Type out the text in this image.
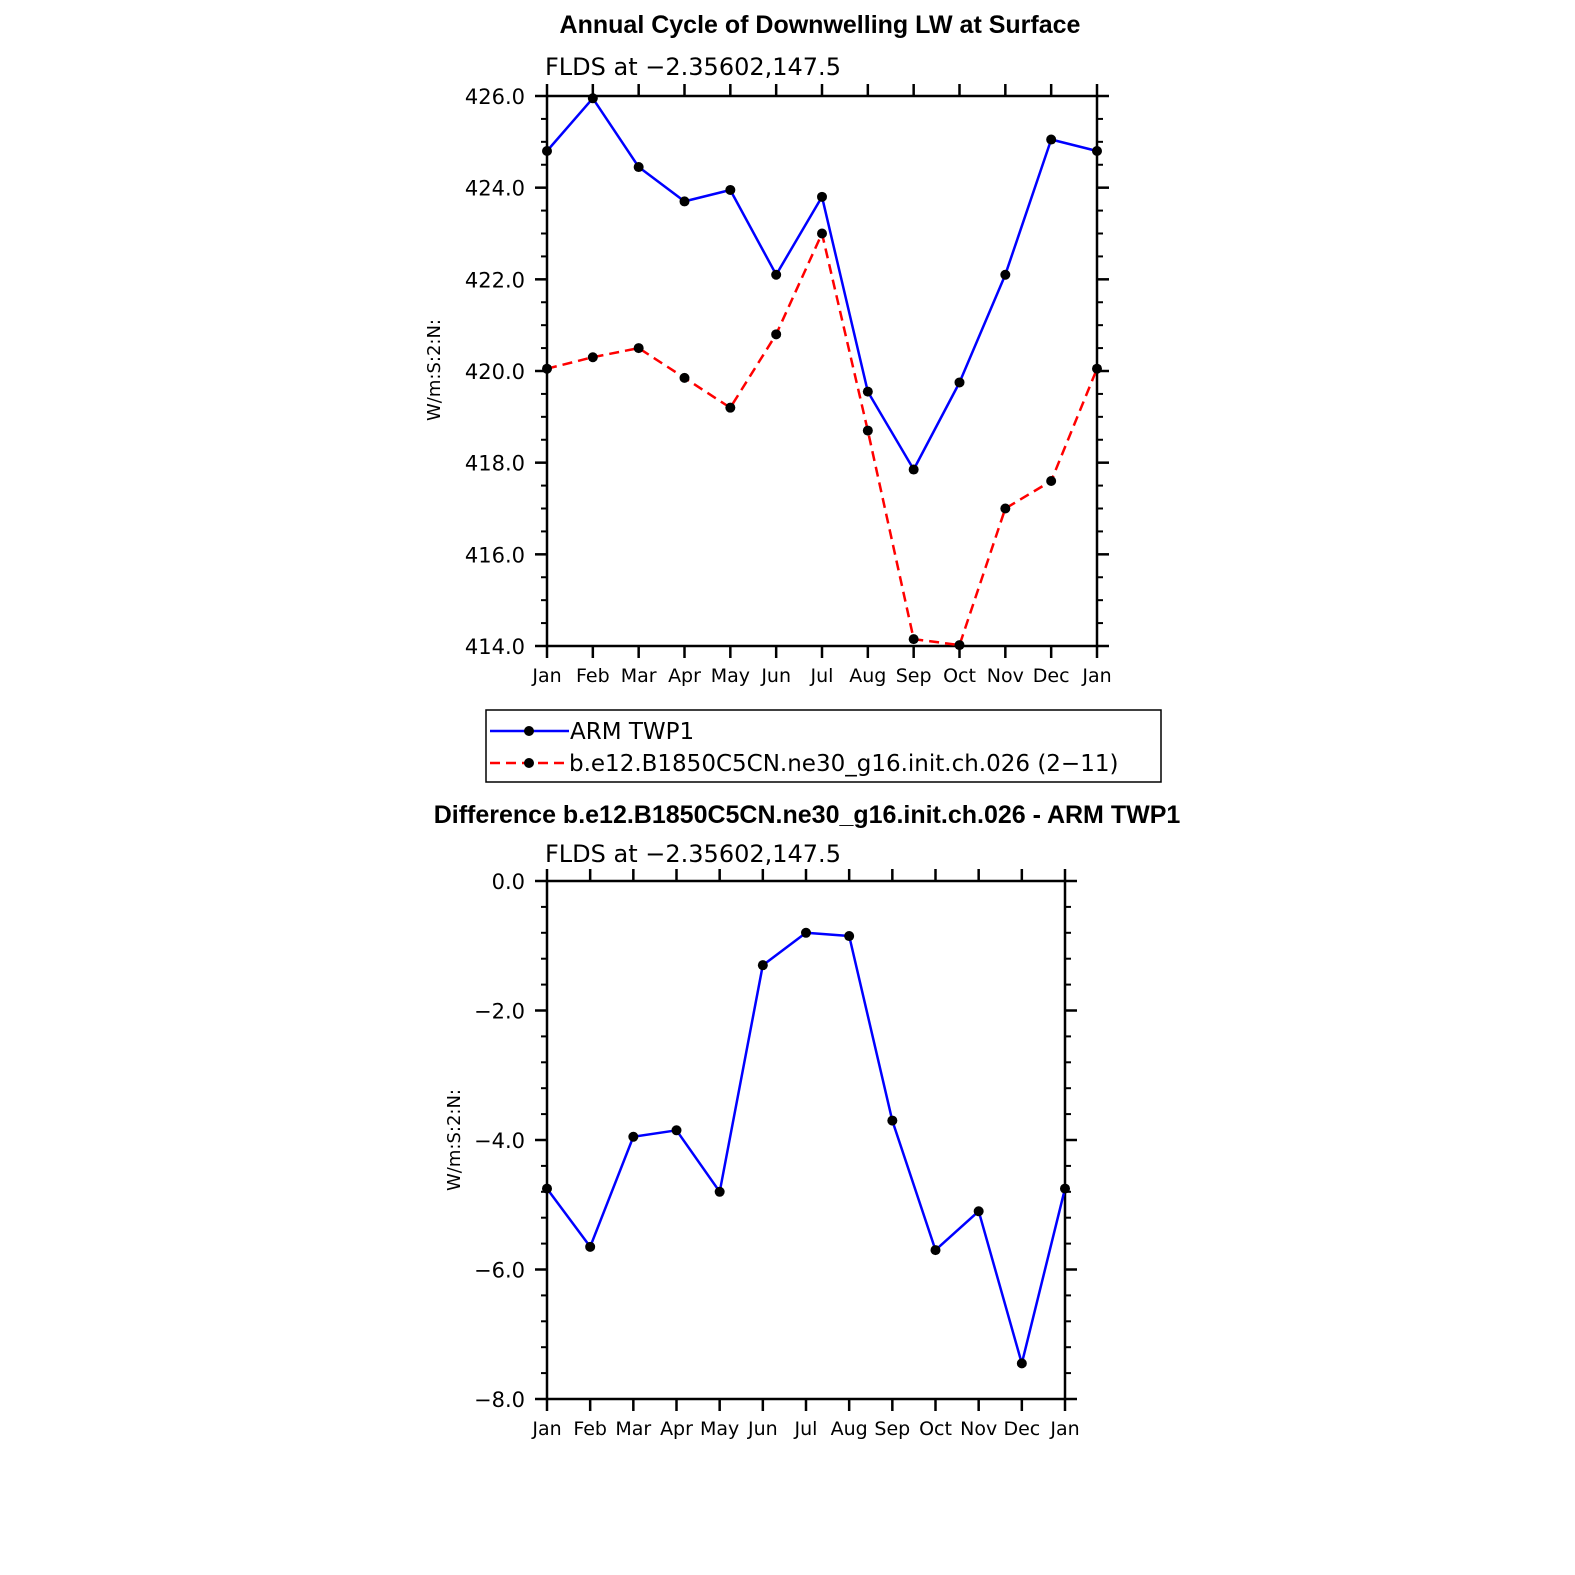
Annual Cycle of Downwelling LW at Surface
FLDS at −2.35602,147.5
W/m:S:2:N:
414.0
416.0
418.0
420.0
422.0
424.0
426.0
Jan Feb Mar Apr May Jun Jul Aug Sep Oct Nov Dec Jan
ARM TWP1
b.e12.B1850C5CN.ne30_g16.init.ch.026 (2−11)
Difference b.e12.B1850C5CN.ne30_g16.init.ch.026 - ARM TWP1
FLDS at −2.35602,147.5
W/m:S:2:N:
−8.0
−6.0
−4.0
−2.0
0.0
Jan Feb Mar Apr May Jun Jul Aug Sep Oct Nov Dec Jan
